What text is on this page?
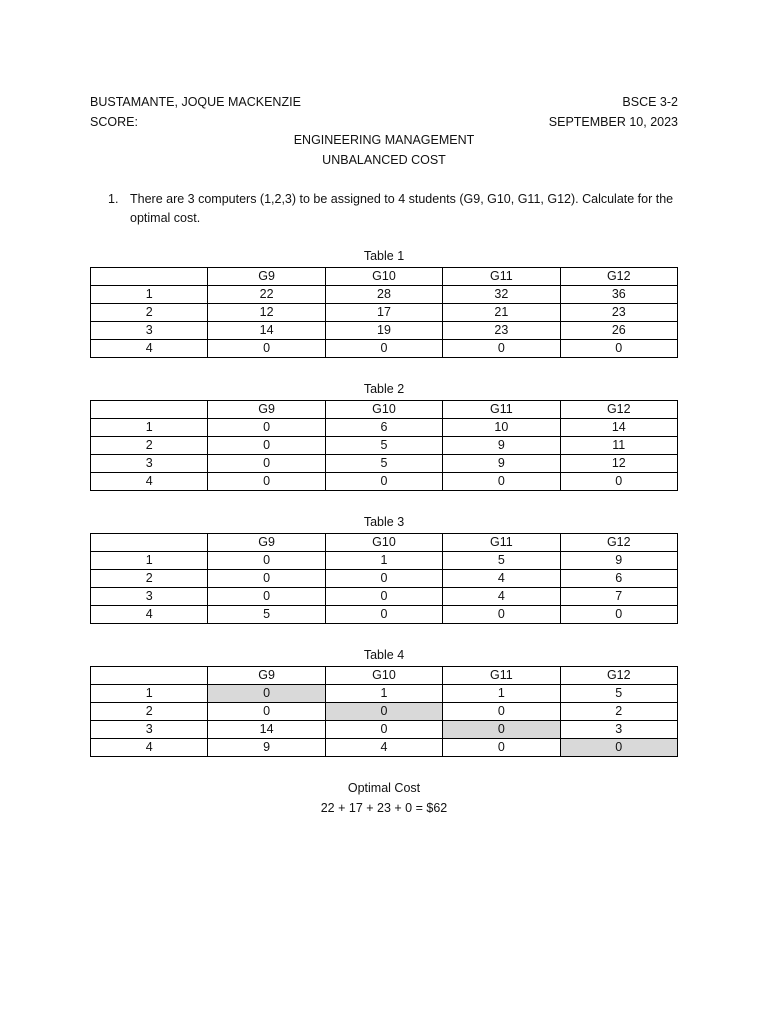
BUSTAMANTE, JOQUE MACKENZIE	BSCE 3-2
SCORE:	SEPTEMBER 10, 2023
ENGINEERING MANAGEMENT
UNBALANCED COST
1. There are 3 computers (1,2,3) to be assigned to 4 students (G9, G10, G11, G12). Calculate for the optimal cost.
Table 1
	G9	G10	G11	G12
1	22	28	32	36
2	12	17	21	23
3	14	19	23	26
4	0	0	0	0
Table 2
	G9	G10	G11	G12
1	0	6	10	14
2	0	5	9	11
3	0	5	9	12
4	0	0	0	0
Table 3
	G9	G10	G11	G12
1	0	1	5	9
2	0	0	4	6
3	0	0	4	7
4	5	0	0	0
Table 4
	G9	G10	G11	G12
1	0	1	1	5
2	0	0	0	2
3	14	0	0	3
4	9	4	0	0
Optimal Cost
22 + 17 + 23 + 0 = $62
